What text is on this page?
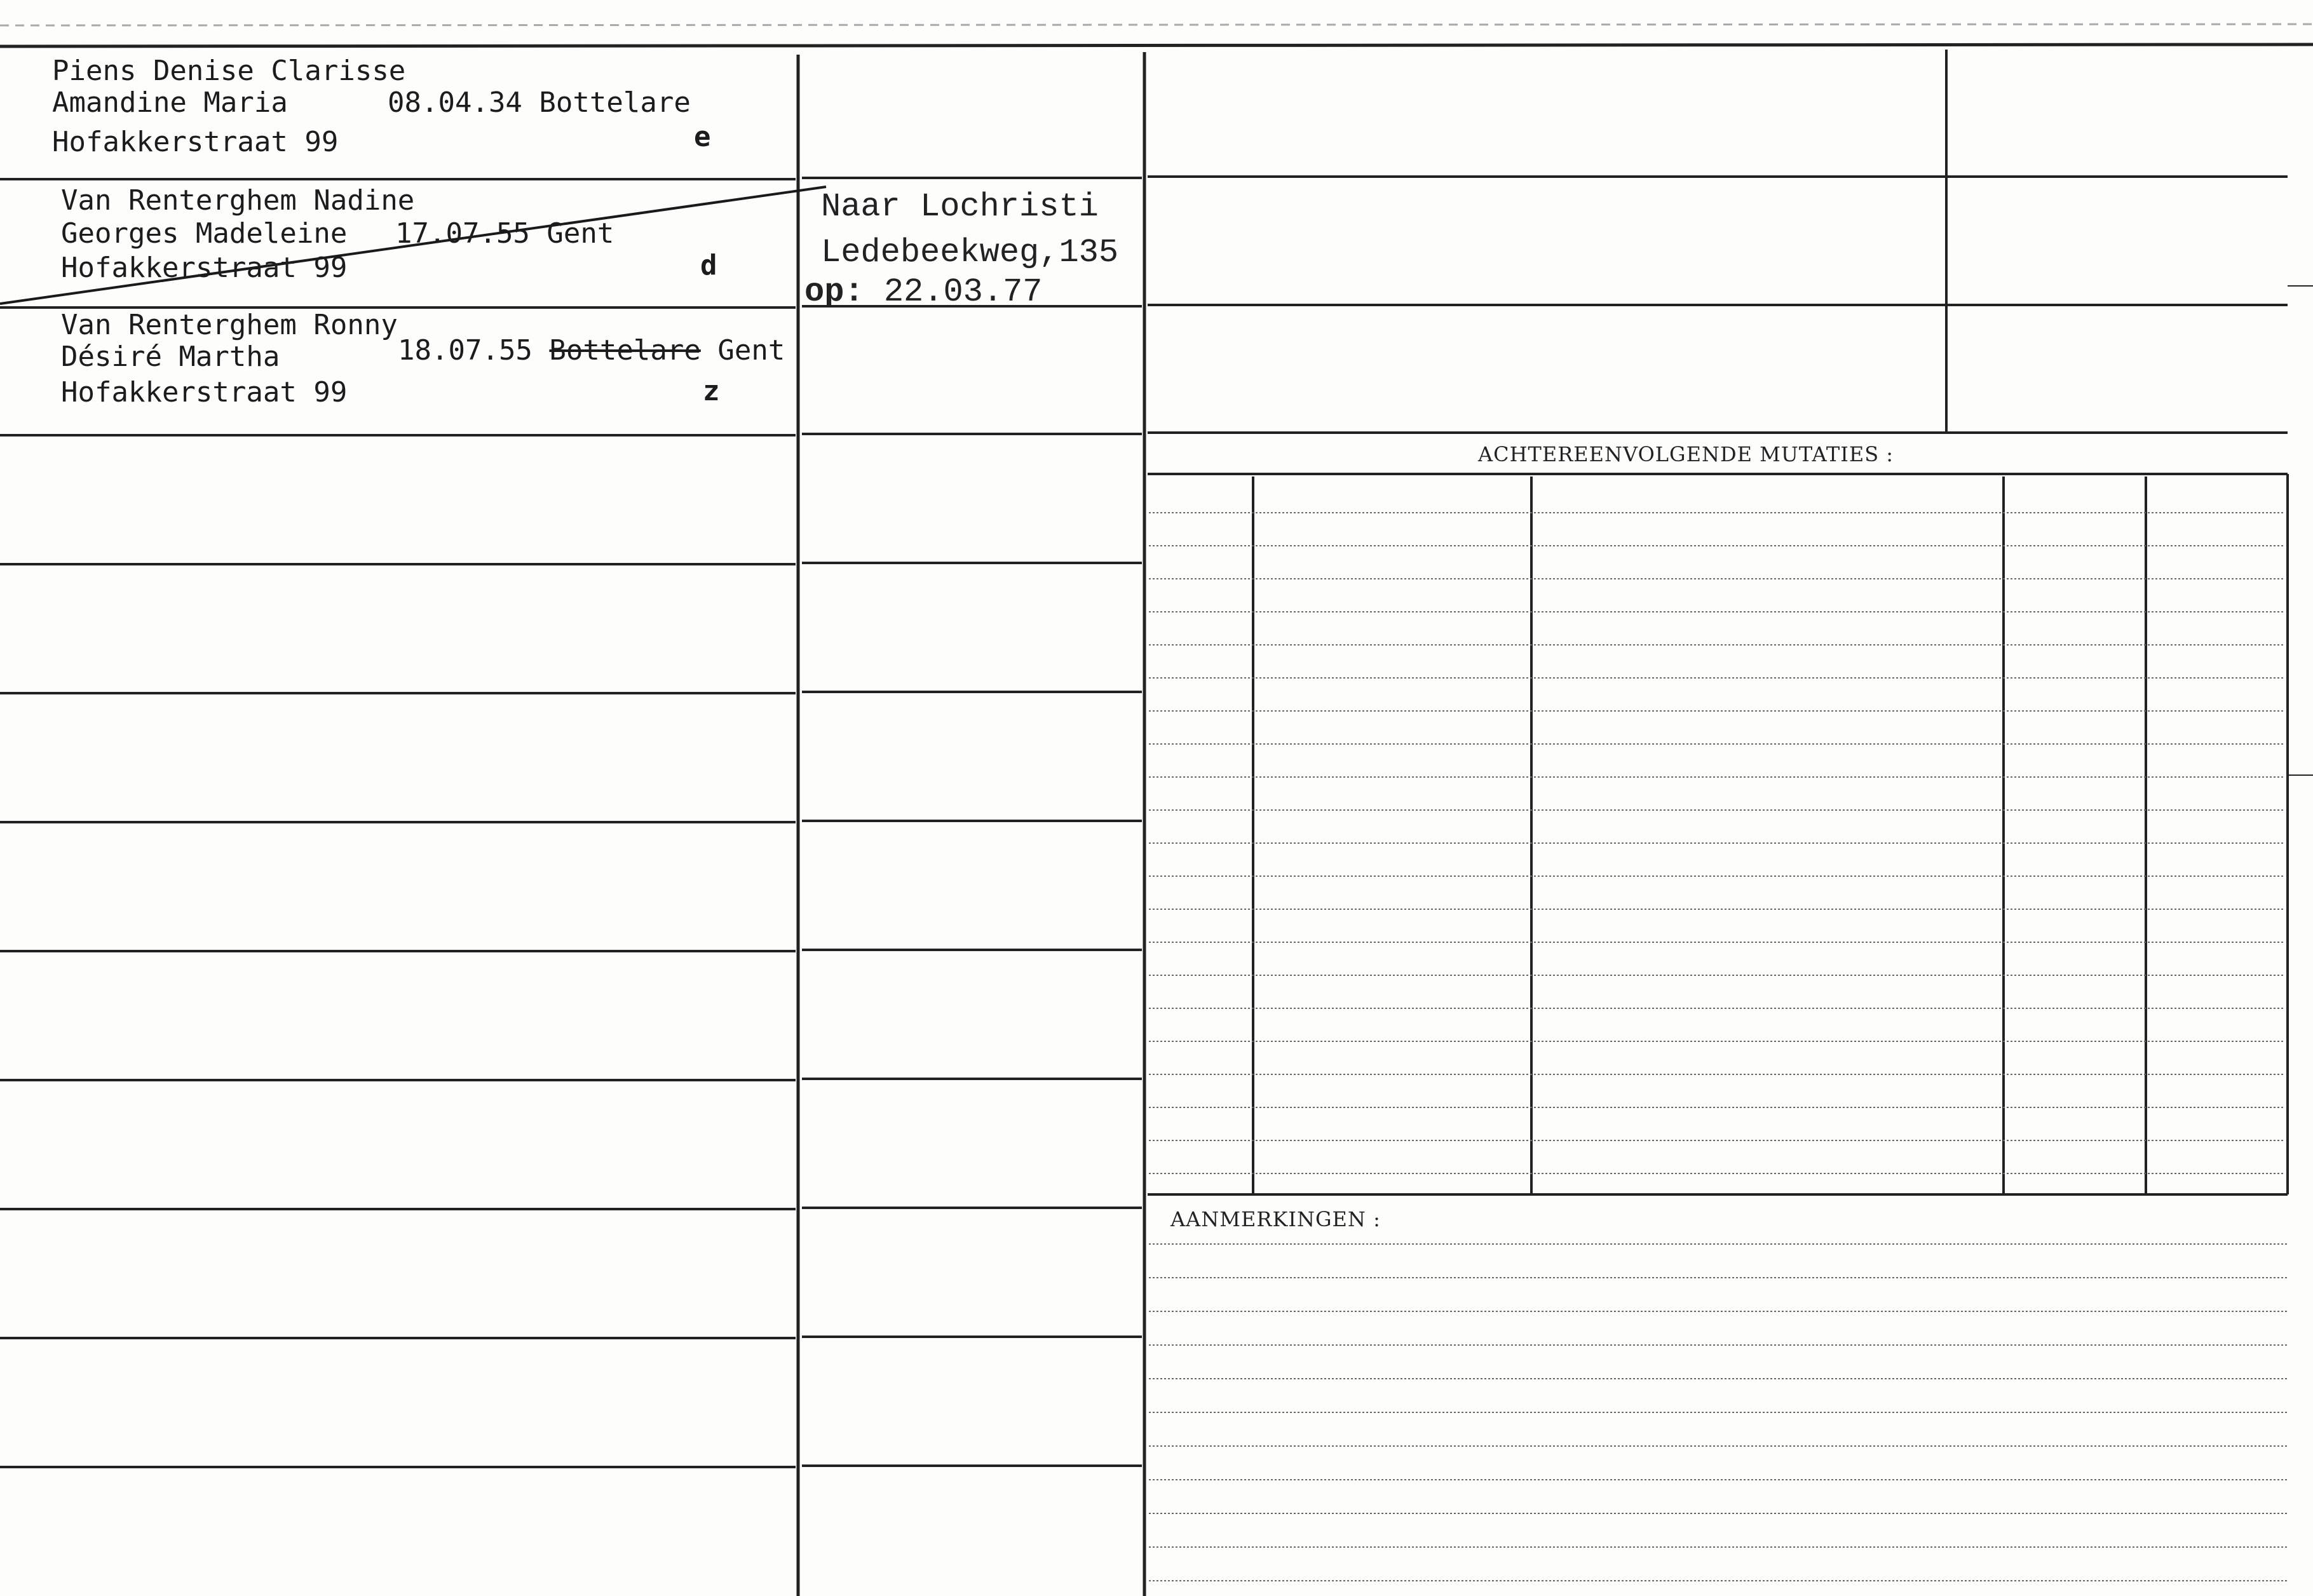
Piens Denise Clarisse
Amandine Maria	08.04.34 Bottelare
Hofakkerstraat 99	e
Van Renterghem Nadine
Georges Madeleine 17.07.55 Gent
Hofakkerstraat 99	d
Van Renterghem Ronny
Désiré Martha	18.07.55 Bottelare Gent
Hofakkerstraat 99	z
Naar Lochristi
Ledebeekweg,135
op: 22.03.77
ACHTEREENVOLGENDE MUTATIES :
AANMERKINGEN :
